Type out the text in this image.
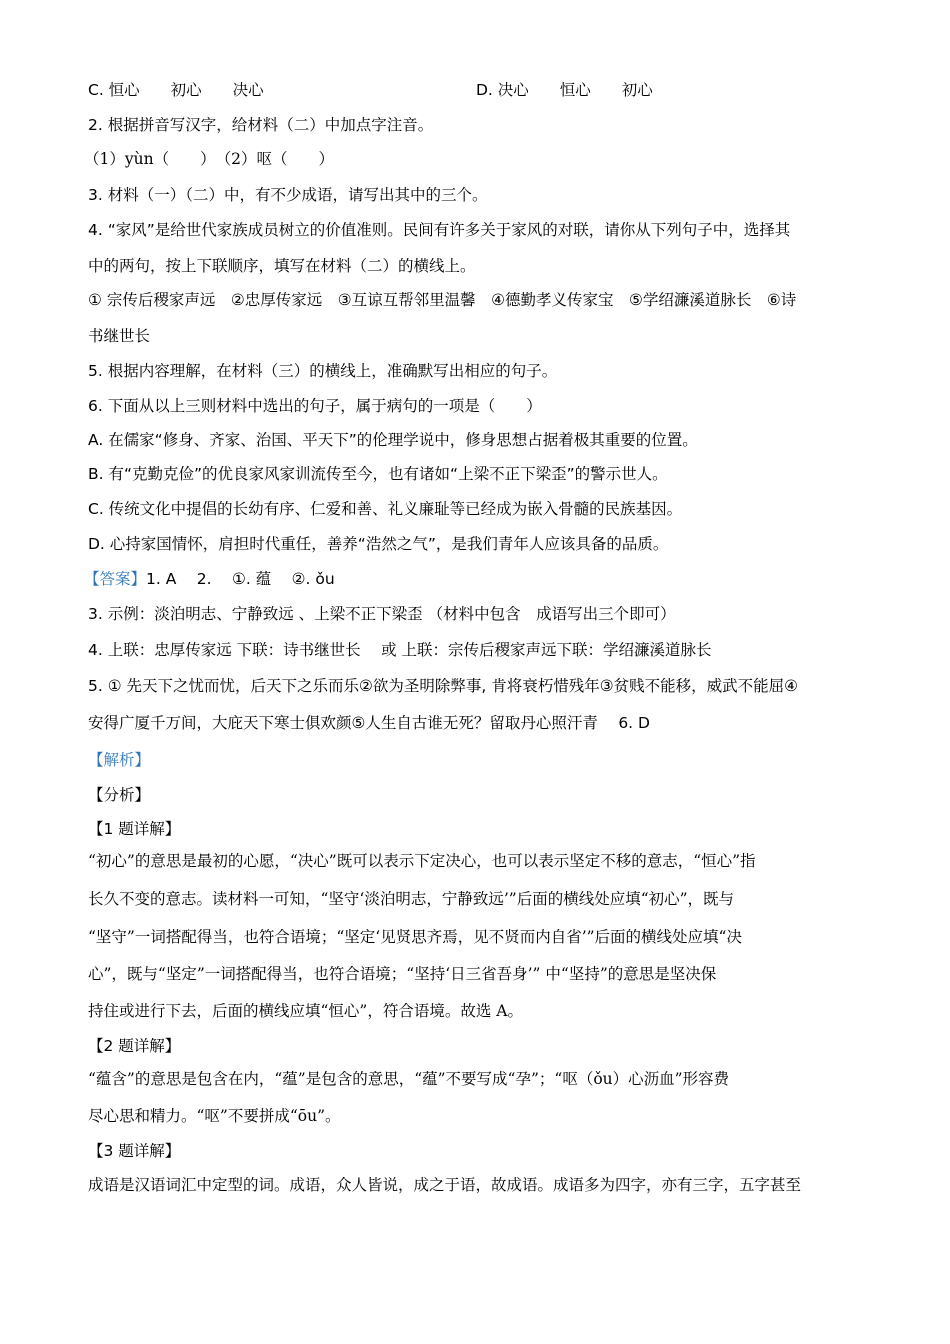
C. 恒心　　初心　　决心	D. 决心　　恒心　　初心
2. 根据拼音写汉字，给材料（二）中加点字注音。
（1）yùn（　　）　（2）呕（　　）
3. 材料（一）（二）中，有不少成语，请写出其中的三个。
4. “家风”是给世代家族成员树立的价值准则。民间有许多关于家风的对联，请你从下列句子中，选择其
中的两句，按上下联顺序，填写在材料（二）的横线上。
① 宗传后稷家声远　②忠厚传家远　③互谅互帮邻里温馨　④德勤孝义传家宝　⑤学绍濂溪道脉长　⑥诗
书继世长
5. 根据内容理解，在材料（三）的横线上，准确默写出相应的句子。
6. 下面从以上三则材料中选出的句子，属于病句的一项是（　　）
A. 在儒家“修身、齐家、治国、平天下”的伦理学说中，修身思想占据着极其重要的位置。
B. 有“克勤克俭”的优良家风家训流传至今，也有诸如“上梁不正下梁歪”的警示世人。
C. 传统文化中提倡的长幼有序、仁爱和善、礼义廉耻等已经成为嵌入骨髓的民族基因。
D. 心持家国情怀，肩担时代重任，善养“浩然之气”，是我们青年人应该具备的品质。
【答案】1. A　 2.　 ①. 蕴　 ②. ǒu
3. 示例：淡泊明志、宁静致远 、上梁不正下梁歪 （材料中包含　成语写出三个即可）
4. 上联：忠厚传家远 下联：诗书继世长　 或 上联：宗传后稷家声远下联：学绍濂溪道脉长
5. ① 先天下之忧而忧，后天下之乐而乐②欲为圣明除弊事, 肯将衰朽惜残年③贫贱不能移，威武不能屈④
安得广厦千万间，大庇天下寒士俱欢颜⑤人生自古谁无死？留取丹心照汗青　 6. D
【解析】
【分析】
【1 题详解】
“初心”的意思是最初的心愿，“决心”既可以表示下定决心，也可以表示坚定不移的意志，“恒心”指
长久不变的意志。读材料一可知，“坚守‘淡泊明志，宁静致远’”后面的横线处应填“初心”，既与
“坚守”一词搭配得当，也符合语境；“坚定‘见贤思齐焉，见不贤而内自省’”后面的横线处应填“决
心”，既与“坚定”一词搭配得当，也符合语境；“坚持‘日三省吾身’” 中“坚持”的意思是坚决保
持住或进行下去，后面的横线应填“恒心”，符合语境。故选 A。
【2 题详解】
“蕴含”的意思是包含在内，“蕴”是包含的意思，“蕴”不要写成“孕”；“呕（ǒu）心沥血”形容费
尽心思和精力。“呕”不要拼成“ōu”。
【3 题详解】
成语是汉语词汇中定型的词。成语，众人皆说，成之于语，故成语。成语多为四字，亦有三字，五字甚至
